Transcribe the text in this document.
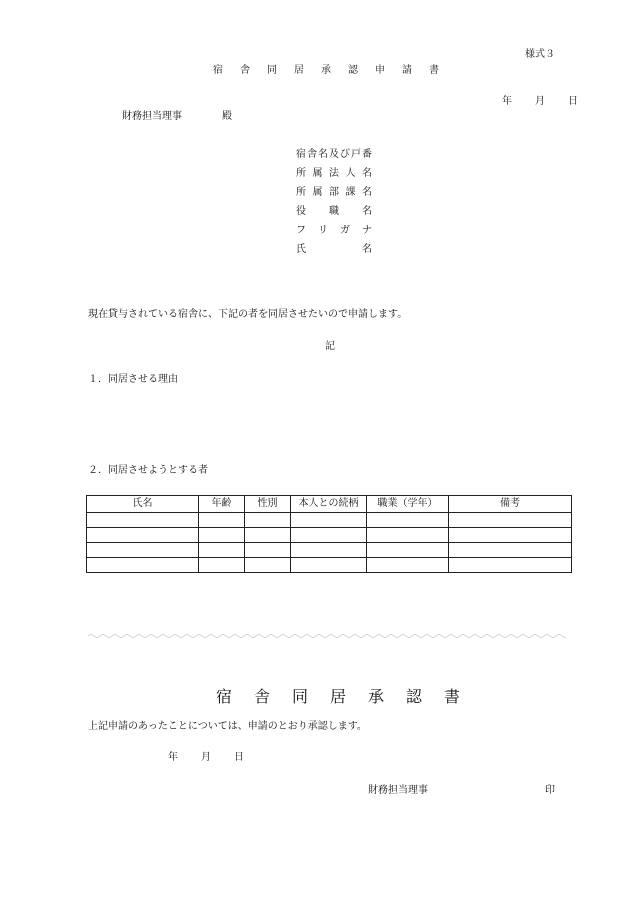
様式３
宿 舎 同 居 承 認 申 請 書
年 月 日
財務担当理事	殿
宿 舎 名 及 び 戸 番
所 属 法 人 名
所 属 部 課 名
役 職 名
フ リ ガ ナ
氏	名
現在貸与されている宿舎に、下記の者を同居させたいので申請します。
記
１．同居させる理由
２．同居させようとする者
氏名	年齢	性別	本人との続柄	職業（学年）	備考

宿 舎 同 居 承 認 書
上記申請のあったことについては、申請のとおり承認します。
年 月 日
財務担当理事	印
